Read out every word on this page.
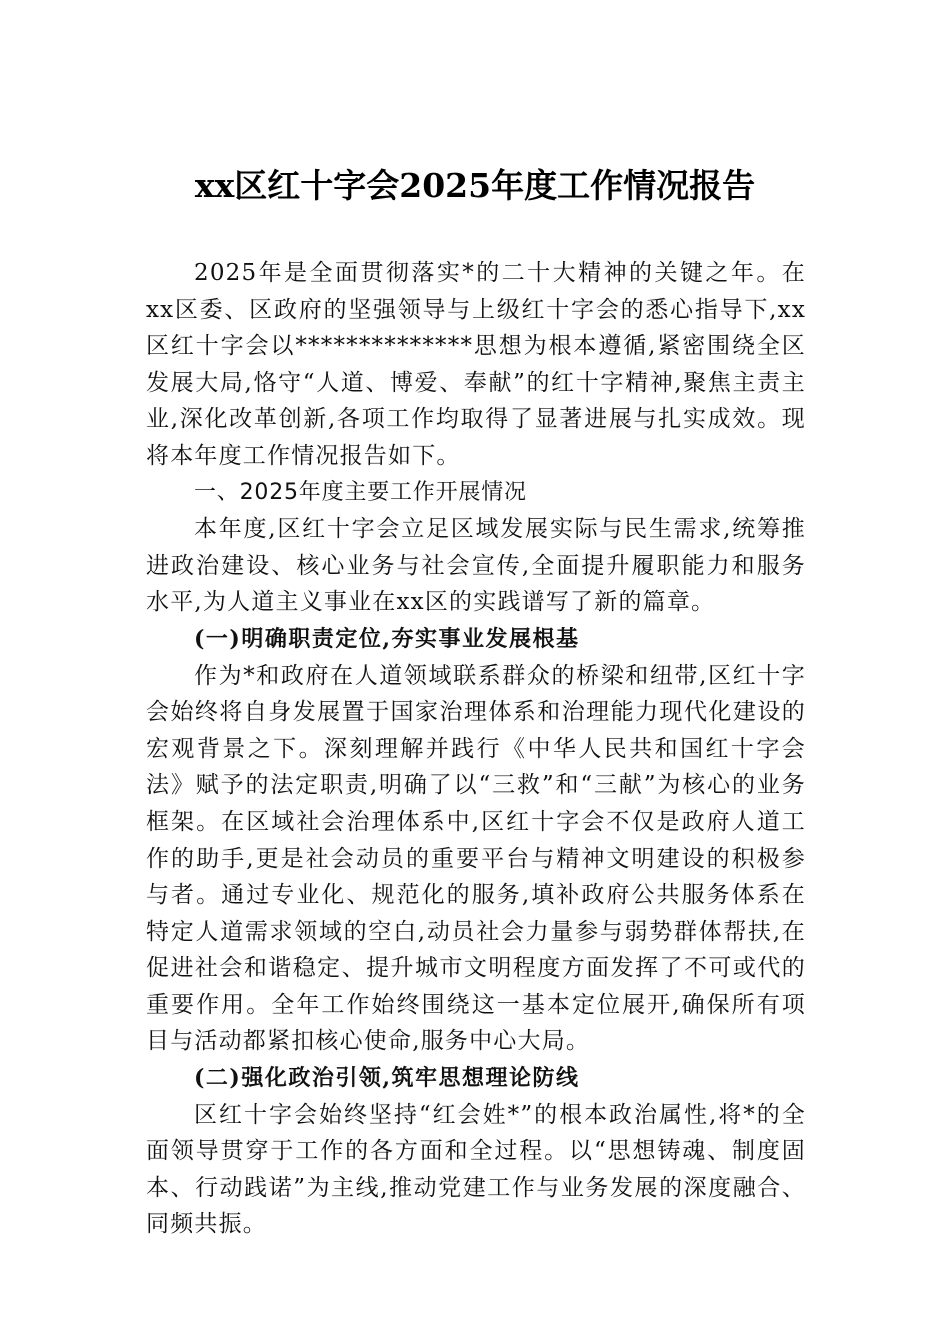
xx区红十字会2025年度工作情况报告

2025年是全面贯彻落实*的二十大精神的关键之年。在xx区委、区政府的坚强领导与上级红十字会的悉心指导下,xx区红十字会以**************思想为根本遵循,紧密围绕全区发展大局,恪守“人道、博爱、奉献”的红十字精神,聚焦主责主业,深化改革创新,各项工作均取得了显著进展与扎实成效。现将本年度工作情况报告如下。

一、2025年度主要工作开展情况

本年度,区红十字会立足区域发展实际与民生需求,统筹推进政治建设、核心业务与社会宣传,全面提升履职能力和服务水平,为人道主义事业在xx区的实践谱写了新的篇章。

(一)明确职责定位,夯实事业发展根基

作为*和政府在人道领域联系群众的桥梁和纽带,区红十字会始终将自身发展置于国家治理体系和治理能力现代化建设的宏观背景之下。深刻理解并践行《中华人民共和国红十字会法》赋予的法定职责,明确了以“三救”和“三献”为核心的业务框架。在区域社会治理体系中,区红十字会不仅是政府人道工作的助手,更是社会动员的重要平台与精神文明建设的积极参与者。通过专业化、规范化的服务,填补政府公共服务体系在特定人道需求领域的空白,动员社会力量参与弱势群体帮扶,在促进社会和谐稳定、提升城市文明程度方面发挥了不可或代的重要作用。全年工作始终围绕这一基本定位展开,确保所有项目与活动都紧扣核心使命,服务中心大局。

(二)强化政治引领,筑牢思想理论防线

区红十字会始终坚持“红会姓*”的根本政治属性,将*的全面领导贯穿于工作的各方面和全过程。以“思想铸魂、制度固本、行动践诺”为主线,推动党建工作与业务发展的深度融合、同频共振。
